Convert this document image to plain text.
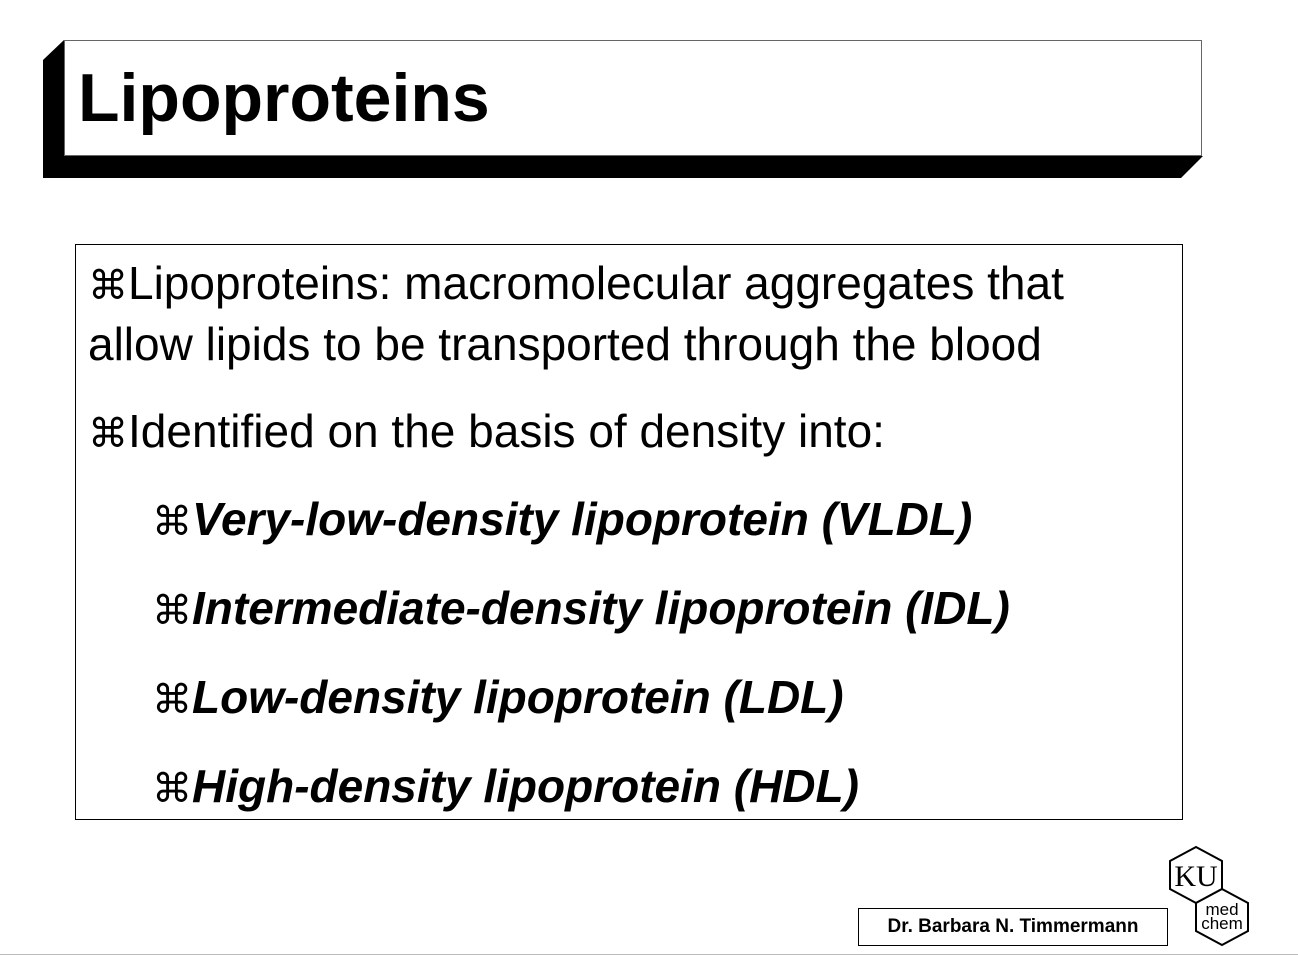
Lipoproteins
⌘Lipoproteins: macromolecular aggregates that
allow lipids to be transported through the blood
⌘Identified on the basis of density into:
⌘Very-low-density lipoprotein (VLDL)
⌘Intermediate-density lipoprotein (IDL)
⌘Low-density lipoprotein (LDL)
⌘High-density lipoprotein (HDL)
Dr. Barbara N. Timmermann
KU
med
chem
